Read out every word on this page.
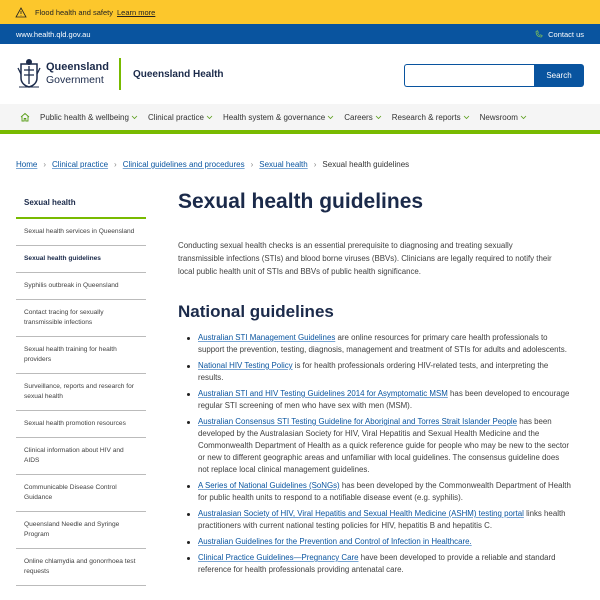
Flood health and safety Learn more
www.health.qld.gov.au	Contact us
Queensland
Government	Queensland Health	Search
Public health & wellbeing Clinical practice Health system & governance Careers Research & reports Newsroom
Home › Clinical practice › Clinical guidelines and procedures › Sexual health › Sexual health guidelines
Sexual health
Sexual health services in Queensland
Sexual health guidelines
Syphilis outbreak in Queensland
Contact tracing for sexually transmissible infections
Sexual health training for health providers
Surveillance, reports and research for sexual health
Sexual health promotion resources
Clinical information about HIV and AIDS
Communicable Disease Control Guidance
Queensland Needle and Syringe Program
Online chlamydia and gonorrhoea test requests
Sexual health guidelines

Conducting sexual health checks is an essential prerequisite to diagnosing and treating sexually transmissible infections (STIs) and blood borne viruses (BBVs). Clinicians are legally required to notify their local public health unit of STIs and BBVs of public health significance.

National guidelines
Australian STI Management Guidelines are online resources for primary care health professionals to support the prevention, testing, diagnosis, management and treatment of STIs for adults and adolescents.
National HIV Testing Policy is for health professionals ordering HIV-related tests, and interpreting the results.
Australian STI and HIV Testing Guidelines 2014 for Asymptomatic MSM has been developed to encourage regular STI screening of men who have sex with men (MSM).
Australian Consensus STI Testing Guideline for Aboriginal and Torres Strait Islander People has been developed by the Australasian Society for HIV, Viral Hepatitis and Sexual Health Medicine and the Commonwealth Department of Health as a quick reference guide for people who may be new to the sector or new to different geographic areas and unfamiliar with local guidelines. The consensus guideline does not replace local clinical management guidelines.
A Series of National Guidelines (SoNGs) has been developed by the Commonwealth Department of Health for public health units to respond to a notifiable disease event (e.g. syphilis).
Australasian Society of HIV, Viral Hepatitis and Sexual Health Medicine (ASHM) testing portal links health practitioners with current national testing policies for HIV, hepatitis B and hepatitis C.
Australian Guidelines for the Prevention and Control of Infection in Healthcare.
Clinical Practice Guidelines—Pregnancy Care have been developed to provide a reliable and standard reference for health professionals providing antenatal care.
